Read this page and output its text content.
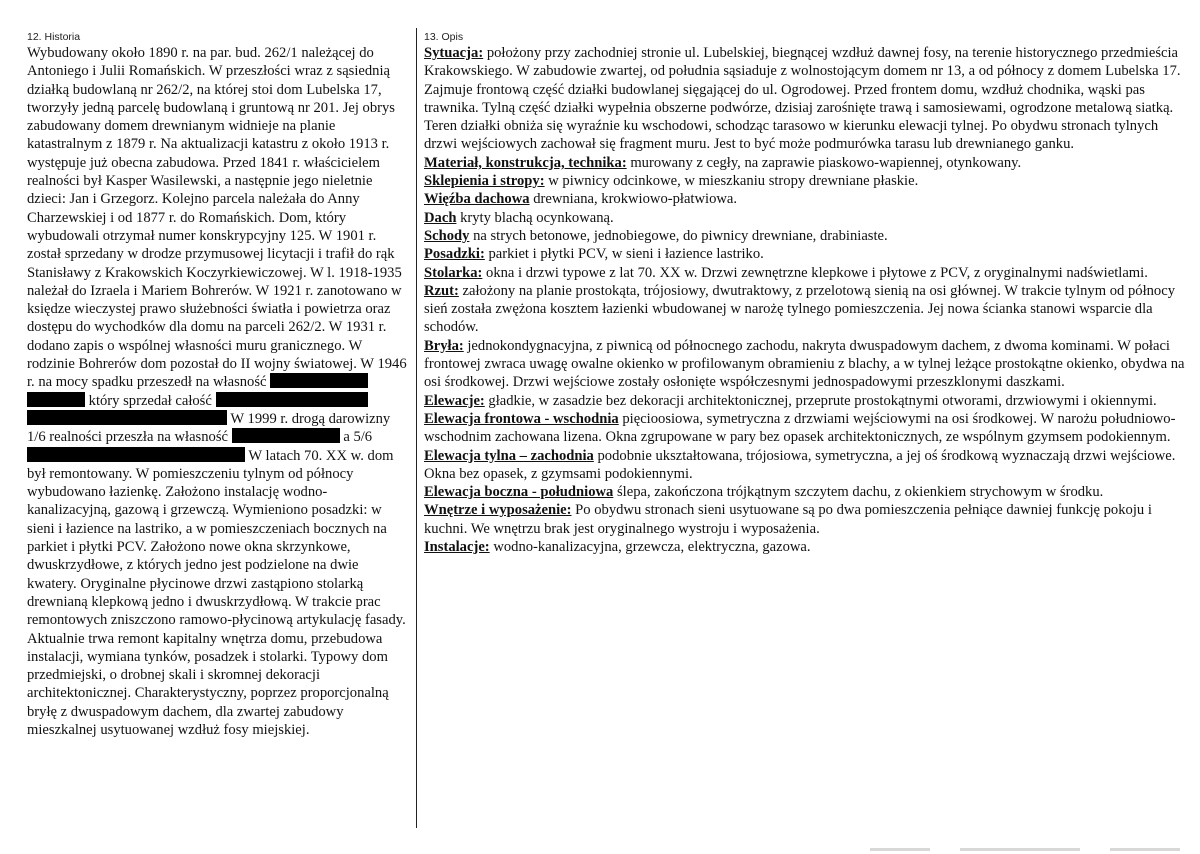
12. Historia	13. Opis
Wybudowany około 1890 r. na par. bud. 262/1 należącej do Antoniego i Julii Romańskich. W przeszłości wraz z sąsiednią działką budowlaną nr 262/2, na której stoi dom Lubelska 17, tworzyły jedną parcelę budowlaną i gruntową nr 201. Jej obrys zabudowany domem drewnianym widnieje na planie katastralnym z 1879 r. Na aktualizacji katastru z około 1913 r. występuje już obecna zabudowa. Przed 1841 r. właścicielem realności był Kasper Wasilewski, a następnie jego nieletnie dzieci: Jan i Grzegorz. Kolejno parcela należała do Anny Charzewskiej i od 1877 r. do Romańskich. Dom, który wybudowali otrzymał numer konskrypcyjny 125. W 1901 r. został sprzedany w drodze przymusowej licytacji i trafił do rąk Stanisławy z Krakowskich Koczyrkiewiczowej. W l. 1918-1935 należał do Izraela i Mariem Bohrerów. W 1921 r. zanotowano w księdze wieczystej prawo służebności światła i powietrza oraz dostępu do wychodków dla domu na parceli 262/2. W 1931 r. dodano zapis o wspólnej własności muru granicznego. W rodzinie Bohrerów dom pozostał do II wojny światowej. W 1946 r. na mocy spadku przeszedł na własność   który sprzedał całość   W 1999 r. drogą darowizny 1/6 realności przeszła na własność	a 5/6  W latach 70. XX w. dom był remontowany. W pomieszczeniu tylnym od północy wybudowano łazienkę. Założono instalację wodno-kanalizacyjną, gazową i grzewczą. Wymieniono posadzki: w sieni i łazience na lastriko, a w pomieszczeniach bocznych na parkiet i płytki PCV. Założono nowe okna skrzynkowe, dwuskrzydłowe, z których jedno jest podzielone na dwie kwatery. Oryginalne płycinowe drzwi zastąpiono stolarką drewnianą klepkową jedno i dwuskrzydłową. W trakcie prac remontowych zniszczono ramowo-płycinową artykulację fasady. Aktualnie trwa remont kapitalny wnętrza domu, przebudowa instalacji, wymiana tynków, posadzek i stolarki. Typowy dom przedmiejski, o drobnej skali i skromnej dekoracji architektonicznej. Charakterystyczny, poprzez proporcjonalną bryłę z dwuspadowym dachem, dla zwartej zabudowy mieszkalnej usytuowanej wzdłuż fosy miejskiej.

Sytuacja: położony przy zachodniej stronie ul. Lubelskiej, biegnącej wzdłuż dawnej fosy, na terenie historycznego przedmieścia Krakowskiego. W zabudowie zwartej, od południa sąsiaduje z wolnostojącym domem nr 13, a od północy z domem Lubelska 17. Zajmuje frontową część działki budowlanej sięgającej do ul. Ogrodowej. Przed frontem domu, wzdłuż chodnika, wąski pas trawnika. Tylną część działki wypełnia obszerne podwórze, dzisiaj zarośnięte trawą i samosiewami, ogrodzone metalową siatką. Teren działki obniża się wyraźnie ku wschodowi, schodząc tarasowo w kierunku elewacji tylnej. Po obydwu stronach tylnych drzwi wejściowych zachował się fragment muru. Jest to być może podmurówka tarasu lub drewnianego ganku.

Materiał, konstrukcja, technika: murowany z cegły, na zaprawie piaskowo-wapiennej, otynkowany.

Sklepienia i stropy: w piwnicy odcinkowe, w mieszkaniu stropy drewniane płaskie.

Więźba dachowa drewniana, krokwiowo-płatwiowa.

Dach kryty blachą ocynkowaną.

Schody na strych betonowe, jednobiegowe, do piwnicy drewniane, drabiniaste.

Posadzki: parkiet i płytki PCV, w sieni i łazience lastriko.

Stolarka: okna i drzwi typowe z lat 70. XX w. Drzwi zewnętrzne klepkowe i płytowe z PCV, z oryginalnymi nadświetlami.

Rzut: założony na planie prostokąta, trójosiowy, dwutraktowy, z przelotową sienią na osi głównej. W trakcie tylnym od północy sień została zwężona kosztem łazienki wbudowanej w narożę tylnego pomieszczenia. Jej nowa ścianka stanowi wsparcie dla schodów.

Bryła: jednokondygnacyjna, z piwnicą od północnego zachodu, nakryta dwuspadowym dachem, z dwoma kominami. W połaci frontowej zwraca uwagę owalne okienko w profilowanym obramieniu z blachy, a w tylnej leżące prostokątne okienko, obydwa na osi środkowej. Drzwi wejściowe zostały osłonięte współczesnymi jednospadowymi przeszklonymi daszkami.

Elewacje: gładkie, w zasadzie bez dekoracji architektonicznej, przeprute prostokątnymi otworami, drzwiowymi i okiennymi.

Elewacja frontowa - wschodnia pięcioosiowa, symetryczna z drzwiami wejściowymi na osi środkowej. W narożu południowo-wschodnim zachowana lizena. Okna zgrupowane w pary bez opasek architektonicznych, ze wspólnym gzymsem podokiennym.

Elewacja tylna – zachodnia podobnie ukształtowana, trójosiowa, symetryczna, a jej oś środkową wyznaczają drzwi wejściowe. Okna bez opasek, z gzymsami podokiennymi.

Elewacja boczna - południowa ślepa, zakończona trójkątnym szczytem dachu, z okienkiem strychowym w środku.

Wnętrze i wyposażenie: Po obydwu stronach sieni usytuowane są po dwa pomieszczenia pełniące dawniej funkcję pokoju i kuchni. We wnętrzu brak jest oryginalnego wystroju i wyposażenia.

Instalacje: wodno-kanalizacyjna, grzewcza, elektryczna, gazowa.
